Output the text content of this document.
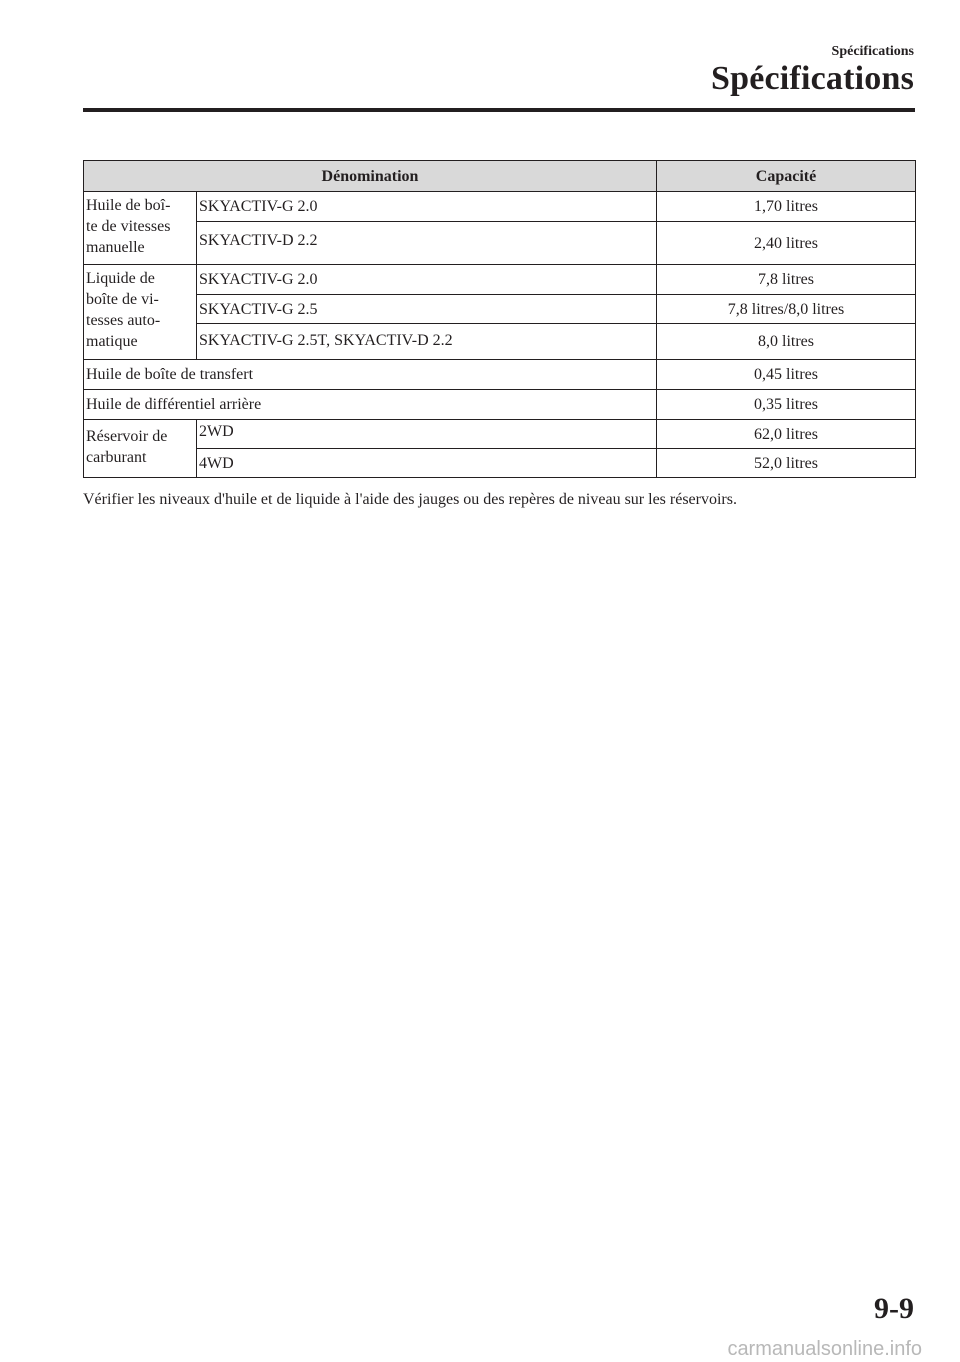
Spécifications
Spécifications
Dénomination		Capacité
Huile de boî-
te de vitesses
manuelle	SKYACTIV-G 2.0	1,70 litres
	SKYACTIV-D 2.2	2,40 litres
Liquide de
boîte de vi-
tesses auto-
matique	SKYACTIV-G 2.0	7,8 litres
	SKYACTIV-G 2.5	7,8 litres/8,0 litres
	SKYACTIV-G 2.5T, SKYACTIV-D 2.2	8,0 litres
Huile de boîte de transfert		0,45 litres
Huile de différentiel arrière		0,35 litres
Réservoir de
carburant	2WD	62,0 litres
	4WD	52,0 litres
Vérifier les niveaux d'huile et de liquide à l'aide des jauges ou des repères de niveau sur les réservoirs.
9-9
carmanualsonline.info
